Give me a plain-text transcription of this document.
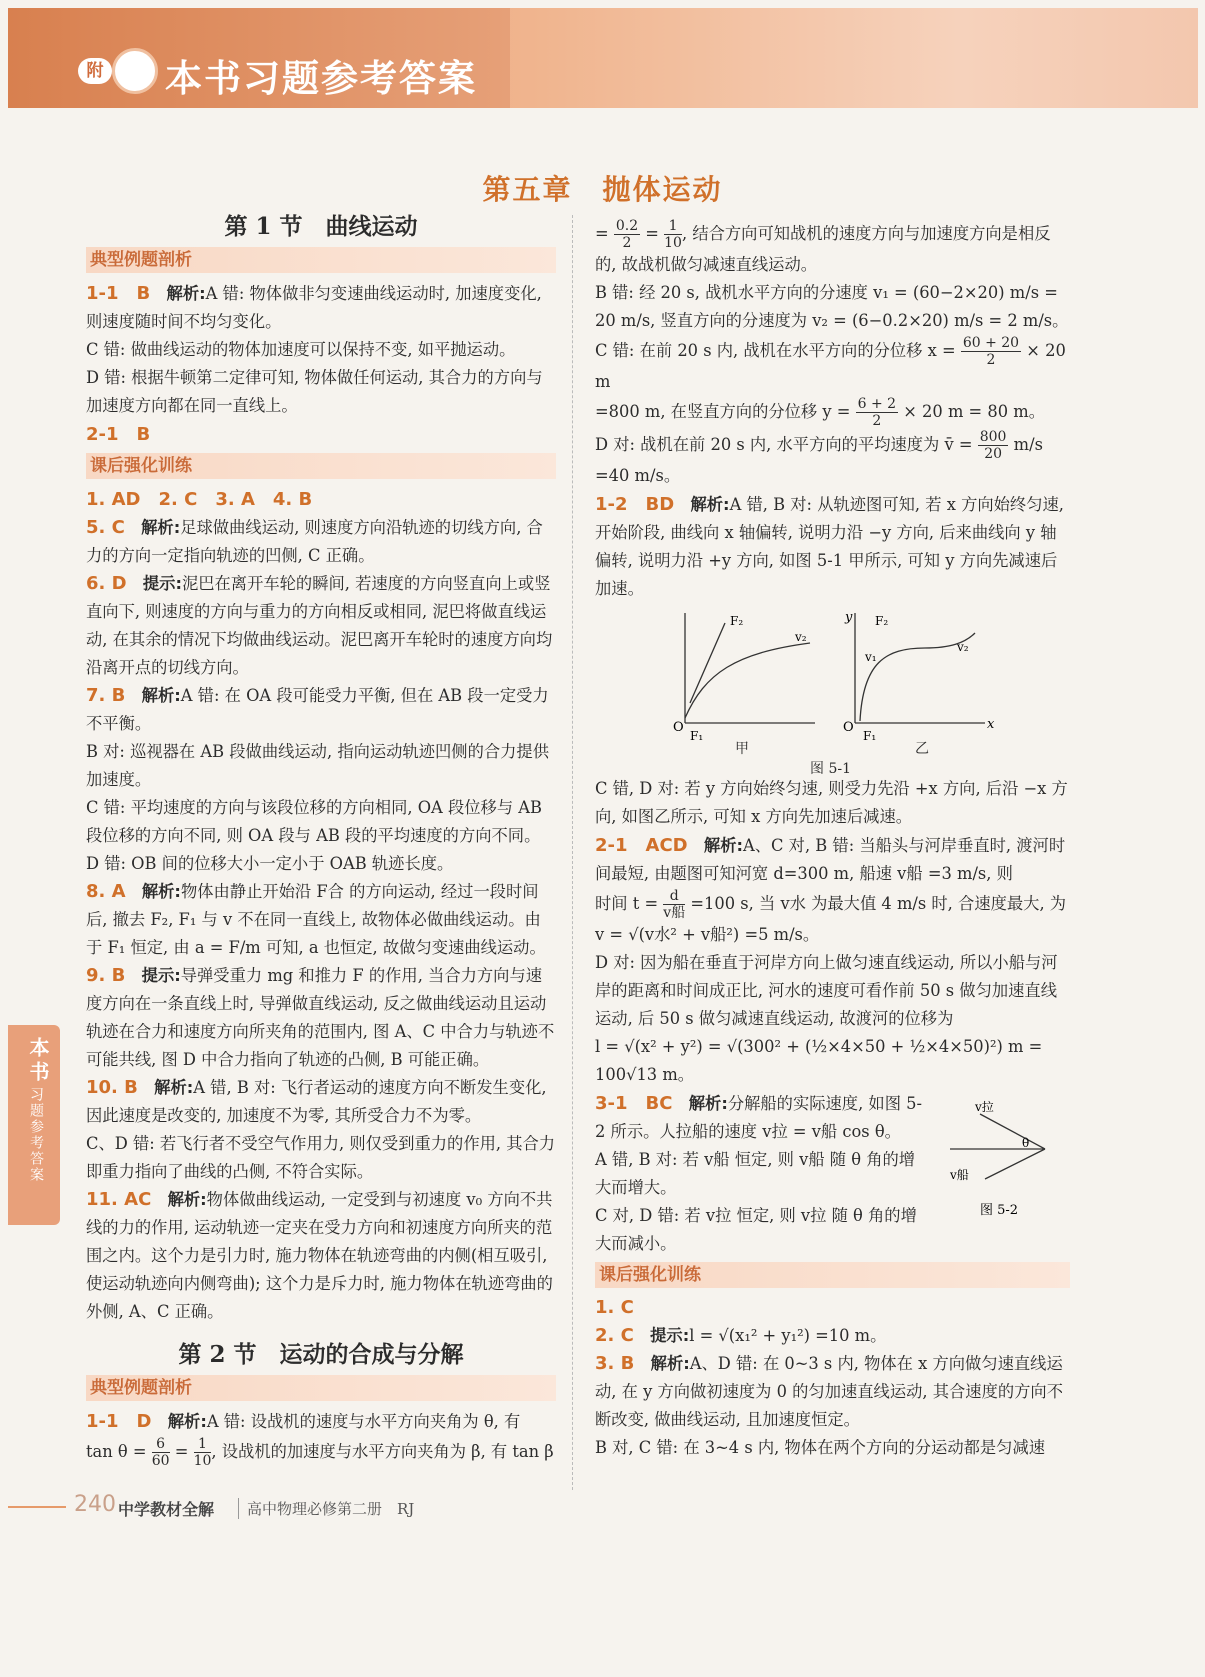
附 本书习题参考答案
第五章　抛体运动
第 1 节　曲线运动
典型例题剖析

1-1　B　 解析:A 错: 物体做非匀变速曲线运动时, 加速度变化, 则速度随时间不均匀变化。

C 错: 做曲线运动的物体加速度可以保持不变, 如平抛运动。

D 错: 根据牛顿第二定律可知, 物体做任何运动, 其合力的方向与加速度方向都在同一直线上。

2-1　B

课后强化训练

1. AD　2. C　3. A　4. B

5. C　 解析:足球做曲线运动, 则速度方向沿轨迹的切线方向, 合力的方向一定指向轨迹的凹侧, C 正确。

6. D　 提示:泥巴在离开车轮的瞬间, 若速度的方向竖直向上或竖直向下, 则速度的方向与重力的方向相反或相同, 泥巴将做直线运动, 在其余的情况下均做曲线运动。泥巴离开车轮时的速度方向均沿离开点的切线方向。

7. B　 解析:A 错: 在 OA 段可能受力平衡, 但在 AB 段一定受力不平衡。

B 对: 巡视器在 AB 段做曲线运动, 指向运动轨迹凹侧的合力提供加速度。

C 错: 平均速度的方向与该段位移的方向相同, OA 段位移与 AB 段位移的方向不同, 则 OA 段与 AB 段的平均速度的方向不同。

D 错: OB 间的位移大小一定小于 OAB 轨迹长度。

8. A　 解析:物体由静止开始沿 F合 的方向运动, 经过一段时间后, 撤去 F₂, F₁ 与 v 不在同一直线上, 故物体必做曲线运动。由于 F₁ 恒定, 由 a = F/m 可知, a 也恒定, 故做匀变速曲线运动。

9. B　 提示:导弹受重力 mg 和推力 F 的作用, 当合力方向与速度方向在一条直线上时, 导弹做直线运动, 反之做曲线运动且运动轨迹在合力和速度方向所夹角的范围内, 图 A、C 中合力与轨迹不可能共线, 图 D 中合力指向了轨迹的凸侧, B 可能正确。

10. B　 解析:A 错, B 对: 飞行者运动的速度方向不断发生变化, 因此速度是改变的, 加速度不为零, 其所受合力不为零。

C、D 错: 若飞行者不受空气作用力, 则仅受到重力的作用, 其合力即重力指向了曲线的凸侧, 不符合实际。

11. AC　 解析:物体做曲线运动, 一定受到与初速度 v₀ 方向不共线的力的作用, 运动轨迹一定夹在受力方向和初速度方向所夹的范围之内。这个力是引力时, 施力物体在轨迹弯曲的内侧(相互吸引, 使运动轨迹向内侧弯曲); 这个力是斥力时, 施力物体在轨迹弯曲的外侧, A、C 正确。

第 2 节　运动的合成与分解
典型例题剖析

1-1　D　 解析:A 错: 设战机的速度与水平方向夹角为 θ, 有

$\tan \theta = \frac{6}{60} = \frac{1}{10}$ , 设战机的加速度与水平方向夹角为 β, 有 tan β

= $\frac{0.2}{2} = \frac{1}{10}$ , 结合方向可知战机的速度方向与加速度方向是相反的, 故战机做匀减速直线运动。

B 错: 经 20 s, 战机水平方向的分速度 v₁ = (60−2×20) m/s = 20 m/s, 竖直方向的分速度为 v₂ = (6−0.2×20) m/s = 2 m/s。

C 错: 在前 20 s 内, 战机在水平方向的分位移 $x = \frac{60 + 20}{2} \times 20$ m

=800 m, 在竖直方向的分位移 $y = \frac{6 + 2}{2} \times 20$ m = 80 m。

D 对: 战机在前 20 s 内, 水平方向的平均速度为 v̄ = $\frac{800}{20} m/s$

=40 m/s。

1-2　BD　 解析:A 错, B 对: 从轨迹图可知, 若 x 方向始终匀速, 开始阶段, 曲线向 x 轴偏转, 说明力沿 −y 方向, 后来曲线向 y 轴偏转, 说明力沿 +y 方向, 如图 5-1 甲所示, 可知 y 方向先减速后加速。

O	O
y
x
F₁	F₁
F₂	F₂
v₂
v₂
v₁
甲	乙
图 5-1

C 错, D 对: 若 y 方向始终匀速, 则受力先沿 +x 方向, 后沿 −x 方向, 如图乙所示, 可知 x 方向先加速后减速。

2-1　ACD　 解析:A、C 对, B 错: 当船头与河岸垂直时, 渡河时间最短, 由题图可知河宽 d=300 m, 船速 v船 =3 m/s, 则

时间 $t = \frac{d}{\text{v船}} =100$ s, 当 v水 为最大值 4 m/s 时, 合速度最大, 为

v = √(v水² + v船²) =5 m/s。

D 对: 因为船在垂直于河岸方向上做匀速直线运动, 所以小船与河岸的距离和时间成正比, 河水的速度可看作前 50 s 做匀加速直线运动, 后 50 s 做匀减速直线运动, 故渡河的位移为

l = √(x² + y²) = √(300² + (½×4×50 + ½×4×50)²) m = 100√13 m。

3-1　BC　 解析:分解船的实际速度, 如图 5-2 所示。人拉船的速度 v拉 = v船 cos θ。

A 错, B 对: 若 v船 恒定, 则 v船 随 θ 角的增大而增大。

C 对, D 错: 若 v拉 恒定, 则 v拉 随 θ 角的增大而减小。

v拉
v船
θ
图 5-2
课后强化训练

1. C

2. C　 提示:l = √(x₁² + y₁²) =10 m。

3. B　 解析:A、D 错: 在 0~3 s 内, 物体在 x 方向做匀速直线运动, 在 y 方向做初速度为 0 的匀加速直线运动, 其合速度的方向不断改变, 做曲线运动, 且加速度恒定。

B 对, C 错: 在 3~4 s 内, 物体在两个方向的分运动都是匀减速

本书
习题参考答案
240 中学教材全解	高中物理必修第二册　RJ
